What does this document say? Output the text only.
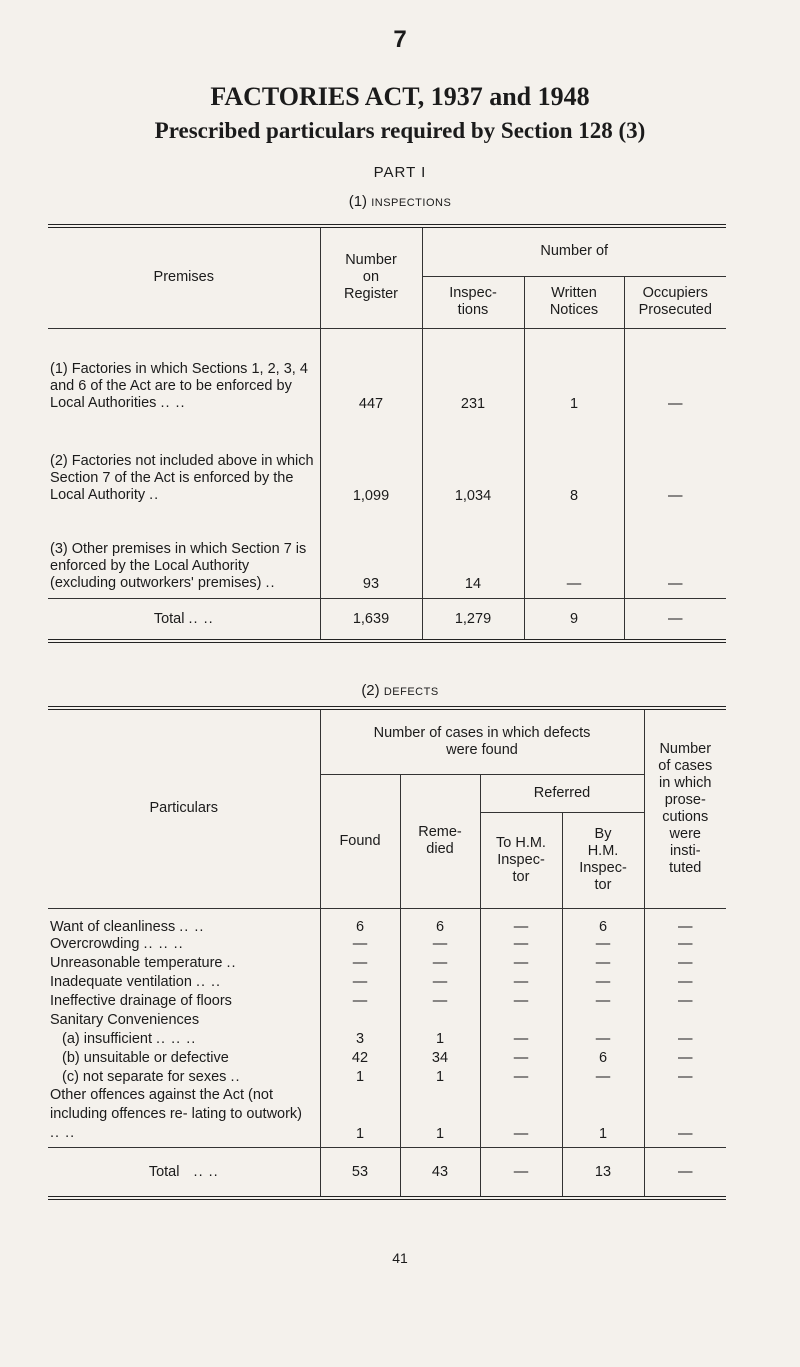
7
FACTORIES ACT, 1937 and 1948
Prescribed particulars required by Section 128 (3)
PART I
(1) inspections
Premises	Number on Register	Number of		

		Inspec- tions	Written Notices	Occupiers Prosecuted

(1) Factories in which Sections 1, 2, 3, 4 and 6 of the Act are to be enforced by Local Authorities .. ..	447	231	1	—
(2) Factories not included above in which Section 7 of the Act is enforced by the Local Authority ..	1,099	1,034	8	—
(3) Other premises in which Section 7 is enforced by the Local Authority (excluding outworkers' premises) ..	93	14	—	—
Total .. ..	1,639	1,279	9	—
(2) defects
Particulars	Number of cases in which defects were found				Number of cases in which prose- cutions were insti- tuted

	Found	Reme- died	Referred		

			To H.M. Inspec- tor	By H.M. Inspec- tor	

Want of cleanliness .. ..	6	6	—	6	—
Overcrowding .. .. ..	—	—	—	—	—
Unreasonable temperature ..	—	—	—	—	—
Inadequate ventilation .. ..	—	—	—	—	—
Ineffective drainage of floors	—	—	—	—	—
Sanitary Conveniences					
(a) insufficient .. .. ..	3	1	—	—	—
(b) unsuitable or defective	42	34	—	6	—
(c) not separate for sexes ..	1	1	—	—	—
Other offences against the Act (not including offences re- lating to outwork) .. ..	1	1	—	1	—
Total   .. ..	53	43	—	13	—
41
